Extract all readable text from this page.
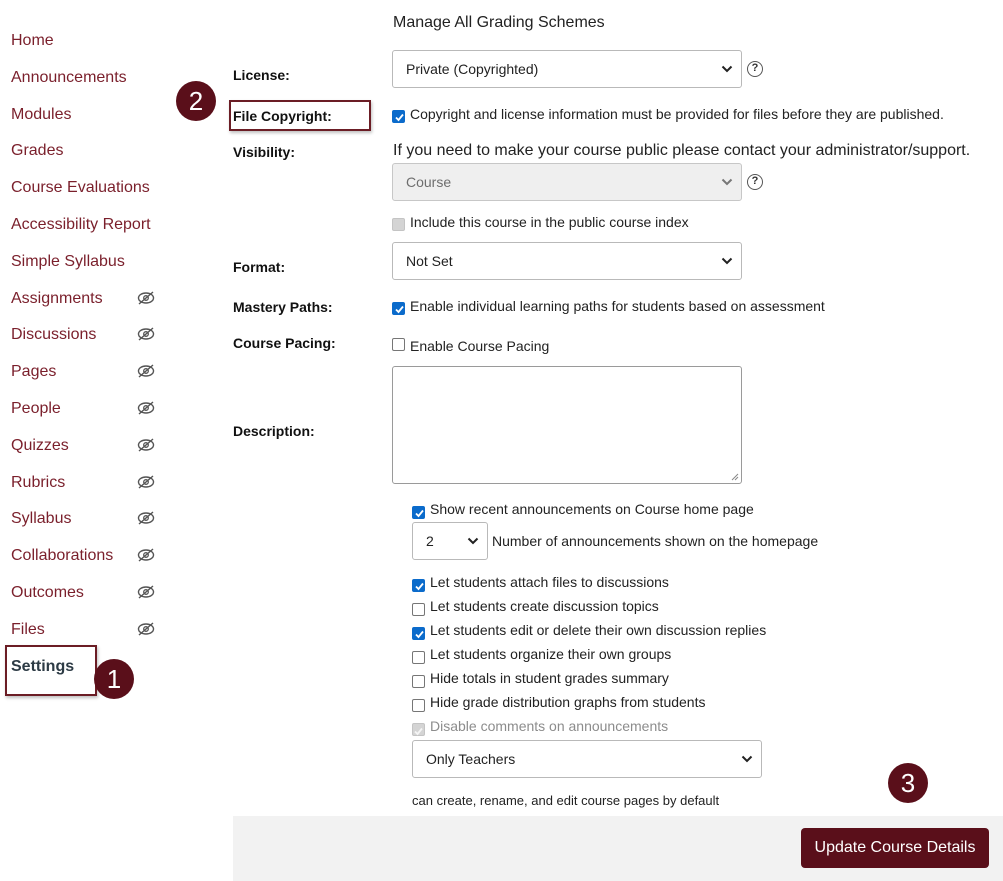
Home
Announcements
Modules
Grades
Course Evaluations
Accessibility Report
Simple Syllabus
Assignments
Discussions
Pages
People
Quizzes
Rubrics
Syllabus
Collaborations
Outcomes
Files
Settings	1
2
3
Manage All Grading Schemes
License:	Private (Copyrighted)	?
File Copyright:	Copyright and license information must be provided for files before they are published.
Visibility:	If you need to make your course public please contact your administrator/support.
Course	?
Include this course in the public course index
Format:	Not Set
Mastery Paths:	Enable individual learning paths for students based on assessment
Course Pacing:	Enable Course Pacing
Description:
Show recent announcements on Course home page
2	Number of announcements shown on the homepage
Let students attach files to discussions
Let students create discussion topics
Let students edit or delete their own discussion replies
Let students organize their own groups
Hide totals in student grades summary
Hide grade distribution graphs from students
Disable comments on announcements
Only Teachers
can create, rename, and edit course pages by default
Update Course Details
